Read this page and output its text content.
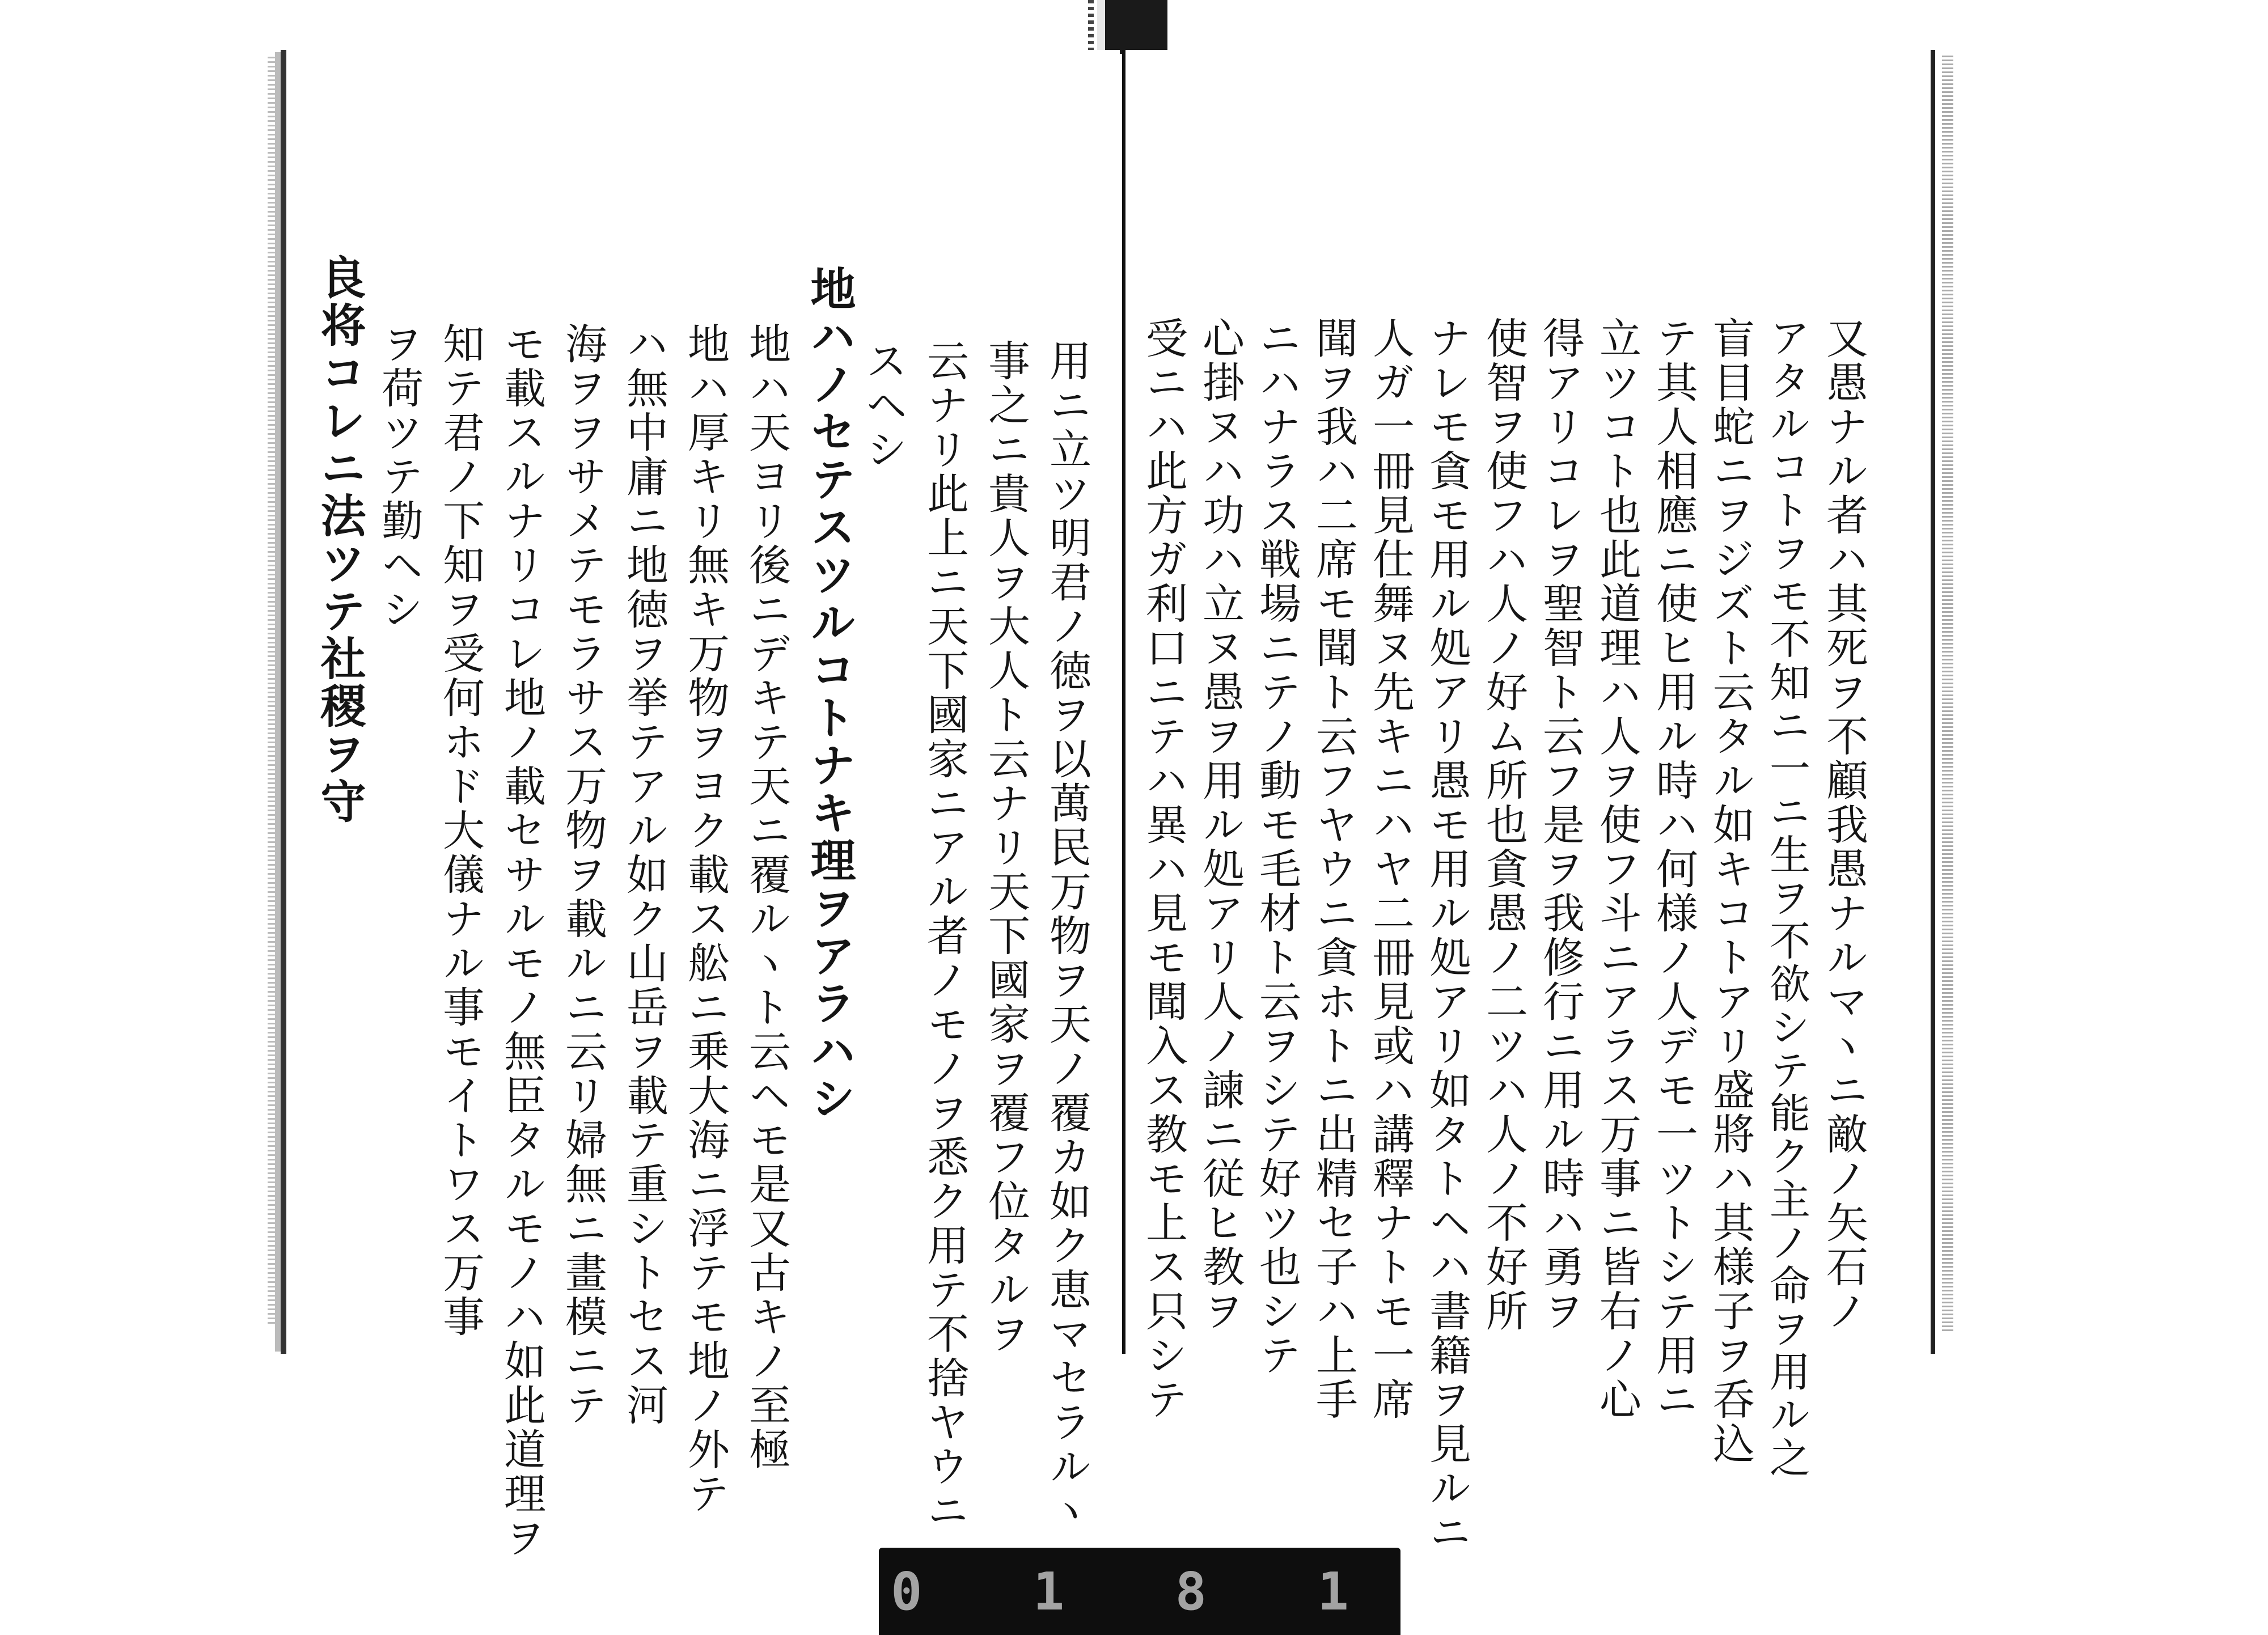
用ニ立ツ明君ノ徳ヲ以萬民万物ヲ天ノ覆カ如ク恵マセラルヽ
事之ニ貴人ヲ大人ト云ナリ天下國家ヲ覆フ位タルヲ
云ナリ此上ニ天下國家ニアル者ノモノヲ悉ク用テ不捨ヤウニ
スヘシ
地ハノセテスツルコトナキ理ヲアラハシ
地ハ天ヨリ後ニデキテ天ニ覆ルヽト云ヘモ是又古キノ至極
地ハ厚キリ無キ万物ヲヨク載ス舩ニ乗大海ニ浮テモ地ノ外テ
ハ無中庸ニ地徳ヲ挙テアル如ク山岳ヲ載テ重シトセス河
海ヲヲサメテモラサス万物ヲ載ルニ云リ婦無ニ畫模ニテ
モ載スルナリコレ地ノ載セサルモノ無臣タルモノハ如此道理ヲ
知テ君ノ下知ヲ受何ホド大儀ナル事モイトワス万事
ヲ荷ツテ勤ヘシ
良将コレニ法ツテ社稷ヲ守	又愚ナル者ハ其死ヲ不顧我愚ナルマヽニ敵ノ矢石ノ
アタルコトヲモ不知ニ一ニ生ヲ不欲シテ能ク主ノ命ヲ用ル之
盲目蛇ニヲジズト云タル如キコトアリ盛將ハ其様子ヲ呑込
テ其人相應ニ使ヒ用ル時ハ何様ノ人デモ一ツトシテ用ニ
立ツコト也此道理ハ人ヲ使フ斗ニアラス万事ニ皆右ノ心
得アリコレヲ聖智ト云フ是ヲ我修行ニ用ル時ハ勇ヲ
使智ヲ使フハ人ノ好ム所也貪愚ノ二ツハ人ノ不好所
ナレモ貪モ用ル処アリ愚モ用ル処アリ如タトヘハ書籍ヲ見ルニ
人ガ一冊見仕舞ヌ先キニハヤ二冊見或ハ講釋ナトモ一席
聞ヲ我ハ二席モ聞ト云フヤウニ貪ホトニ出精セ子ハ上手
ニハナラス戦場ニテノ動モ毛材ト云ヲシテ好ツ也シテ
心掛ヌハ功ハ立ヌ愚ヲ用ル処アリ人ノ諫ニ従ヒ教ヲ
受ニハ此方ガ利口ニテハ異ハ見モ聞入ス教モ上ス只シテ
0 1 8 1
